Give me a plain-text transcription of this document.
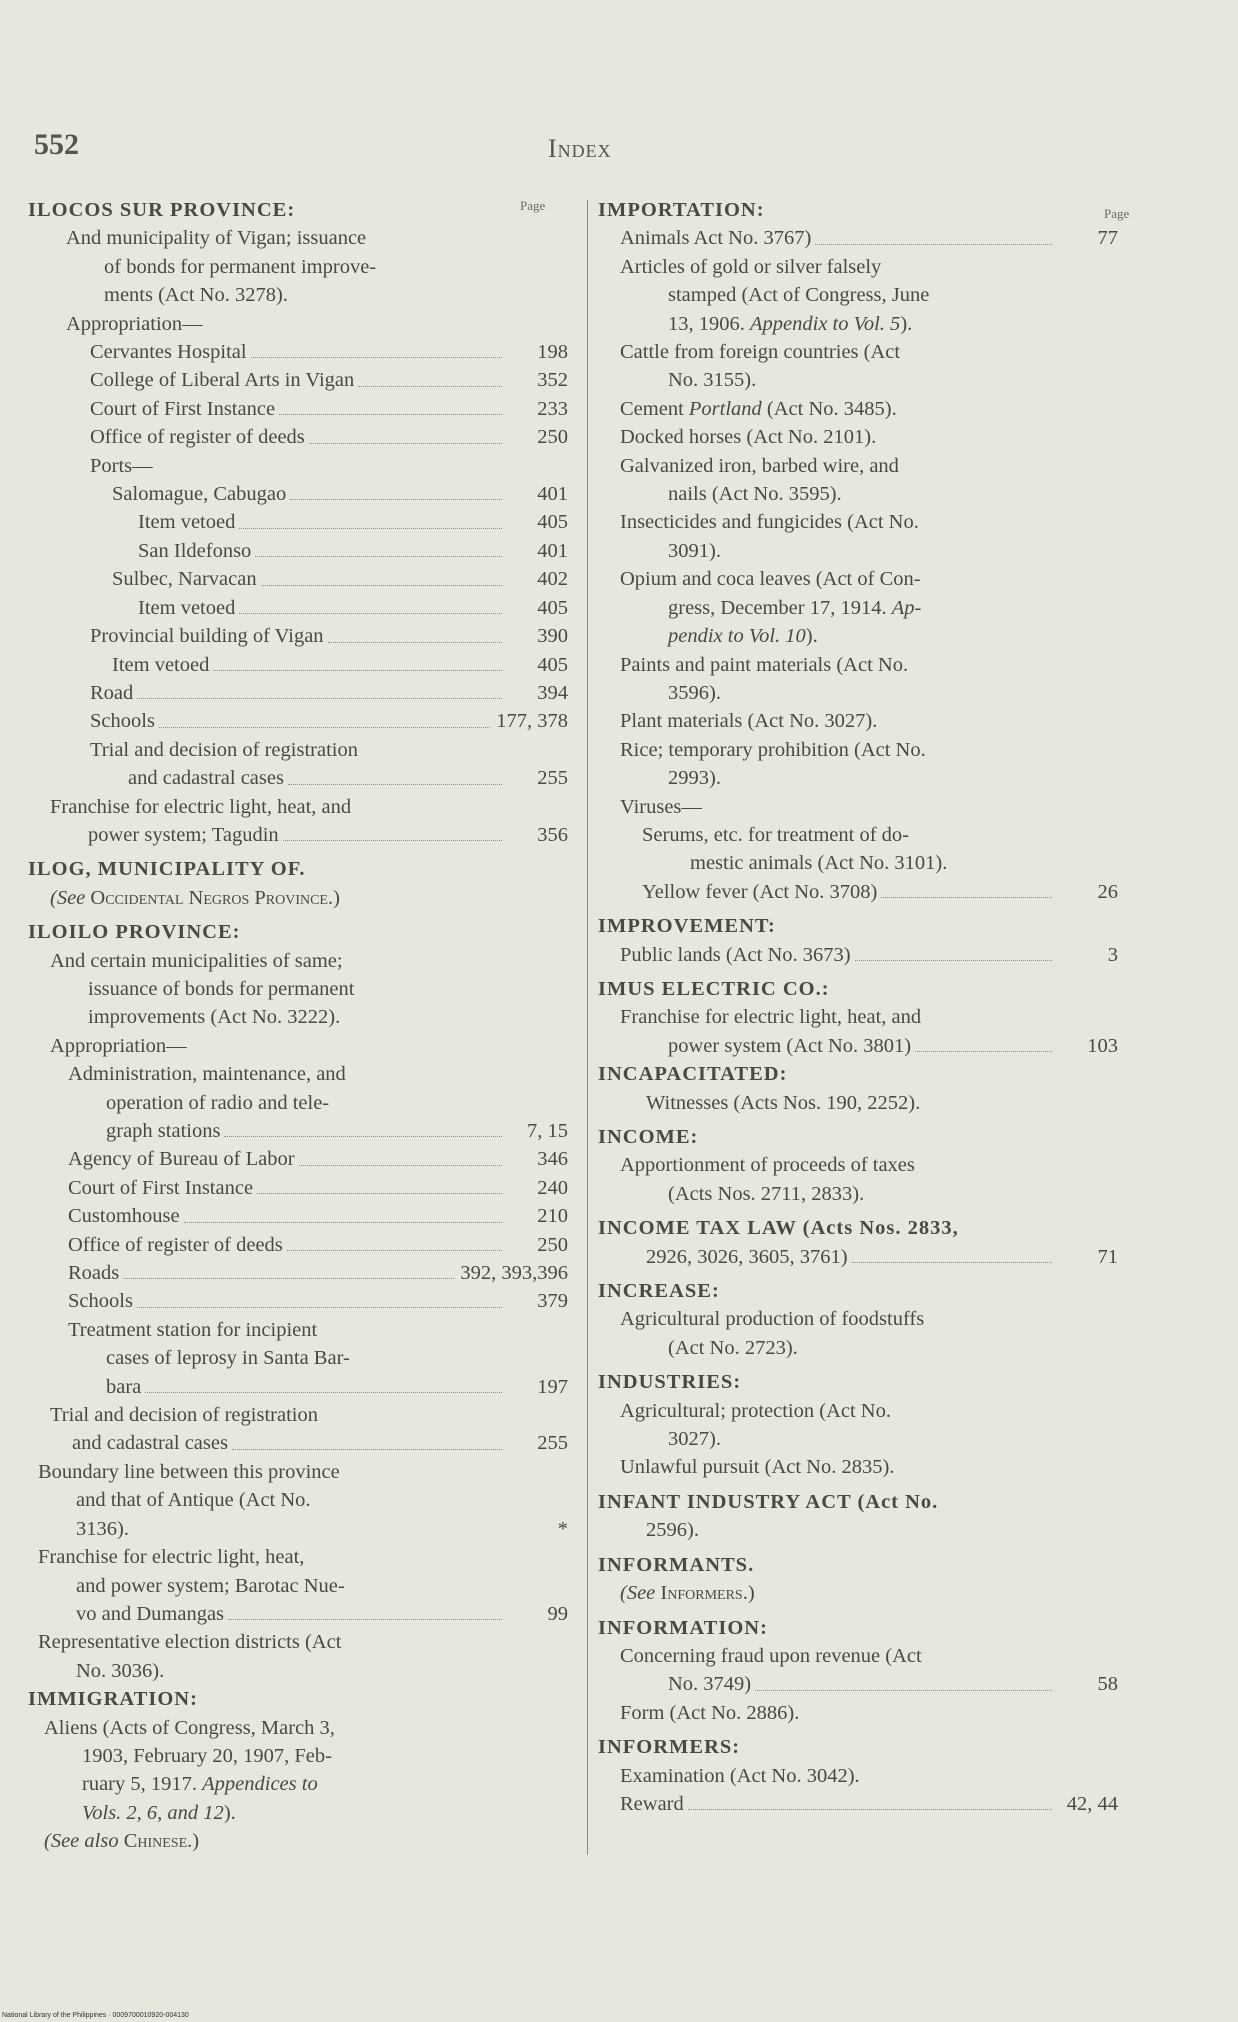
552	Index
Page
Page
ILOCOS SUR PROVINCE:
And municipality of Vigan; issuance
of bonds for permanent improve-
ments (Act No. 3278).
Appropriation—
Cervantes Hospital	198
College of Liberal Arts in Vigan	352
Court of First Instance	233
Office of register of deeds	250
Ports—
Salomague, Cabugao	401
Item vetoed	405
San Ildefonso	401
Sulbec, Narvacan	402
Item vetoed	405
Provincial building of Vigan	390
Item vetoed	405
Road	394
Schools	177, 378
Trial and decision of registration
and cadastral cases	255
Franchise for electric light, heat, and
power system; Tagudin	356
ILOG, MUNICIPALITY OF.
(See Occidental Negros Province.)
ILOILO PROVINCE:
And certain municipalities of same;
issuance of bonds for permanent
improvements (Act No. 3222).
Appropriation—
Administration, maintenance, and
operation of radio and tele-
graph stations	7, 15
Agency of Bureau of Labor	346
Court of First Instance	240
Customhouse	210
Office of register of deeds	250
Roads	392, 393,396
Schools	379
Treatment station for incipient
cases of leprosy in Santa Bar-
bara	197
Trial and decision of registration
and cadastral cases	255
Boundary line between this province
and that of Antique (Act No.
3136).	*
Franchise for electric light, heat,
and power system; Barotac Nue-
vo and Dumangas	99
Representative election districts (Act
No. 3036).
IMMIGRATION:
Aliens (Acts of Congress, March 3,
1903, February 20, 1907, Feb-
ruary 5, 1917. Appendices to
Vols. 2, 6, and 12).
(See also Chinese.)
IMPORTATION:
Animals Act No. 3767)	77
Articles of gold or silver falsely
stamped (Act of Congress, June
13, 1906. Appendix to Vol. 5).
Cattle from foreign countries (Act
No. 3155).
Cement Portland (Act No. 3485).
Docked horses (Act No. 2101).
Galvanized iron, barbed wire, and
nails (Act No. 3595).
Insecticides and fungicides (Act No.
3091).
Opium and coca leaves (Act of Con-
gress, December 17, 1914. Ap-
pendix to Vol. 10).
Paints and paint materials (Act No.
3596).
Plant materials (Act No. 3027).
Rice; temporary prohibition (Act No.
2993).
Viruses—
Serums, etc. for treatment of do-
mestic animals (Act No. 3101).
Yellow fever (Act No. 3708)	26
IMPROVEMENT:
Public lands (Act No. 3673)	3
IMUS ELECTRIC CO.:
Franchise for electric light, heat, and
power system (Act No. 3801)	103
INCAPACITATED:
Witnesses (Acts Nos. 190, 2252).
INCOME:
Apportionment of proceeds of taxes
(Acts Nos. 2711, 2833).
INCOME TAX LAW (Acts Nos. 2833,
2926, 3026, 3605, 3761)	71
INCREASE:
Agricultural production of foodstuffs
(Act No. 2723).
INDUSTRIES:
Agricultural; protection (Act No.
3027).
Unlawful pursuit (Act No. 2835).
INFANT INDUSTRY ACT (Act No.
2596).
INFORMANTS.
(See Informers.)
INFORMATION:
Concerning fraud upon revenue (Act
No. 3749)	58
Form (Act No. 2886).
INFORMERS:
Examination (Act No. 3042).
Reward	42, 44
National Library of the Philippines · 0009700010920-004130
